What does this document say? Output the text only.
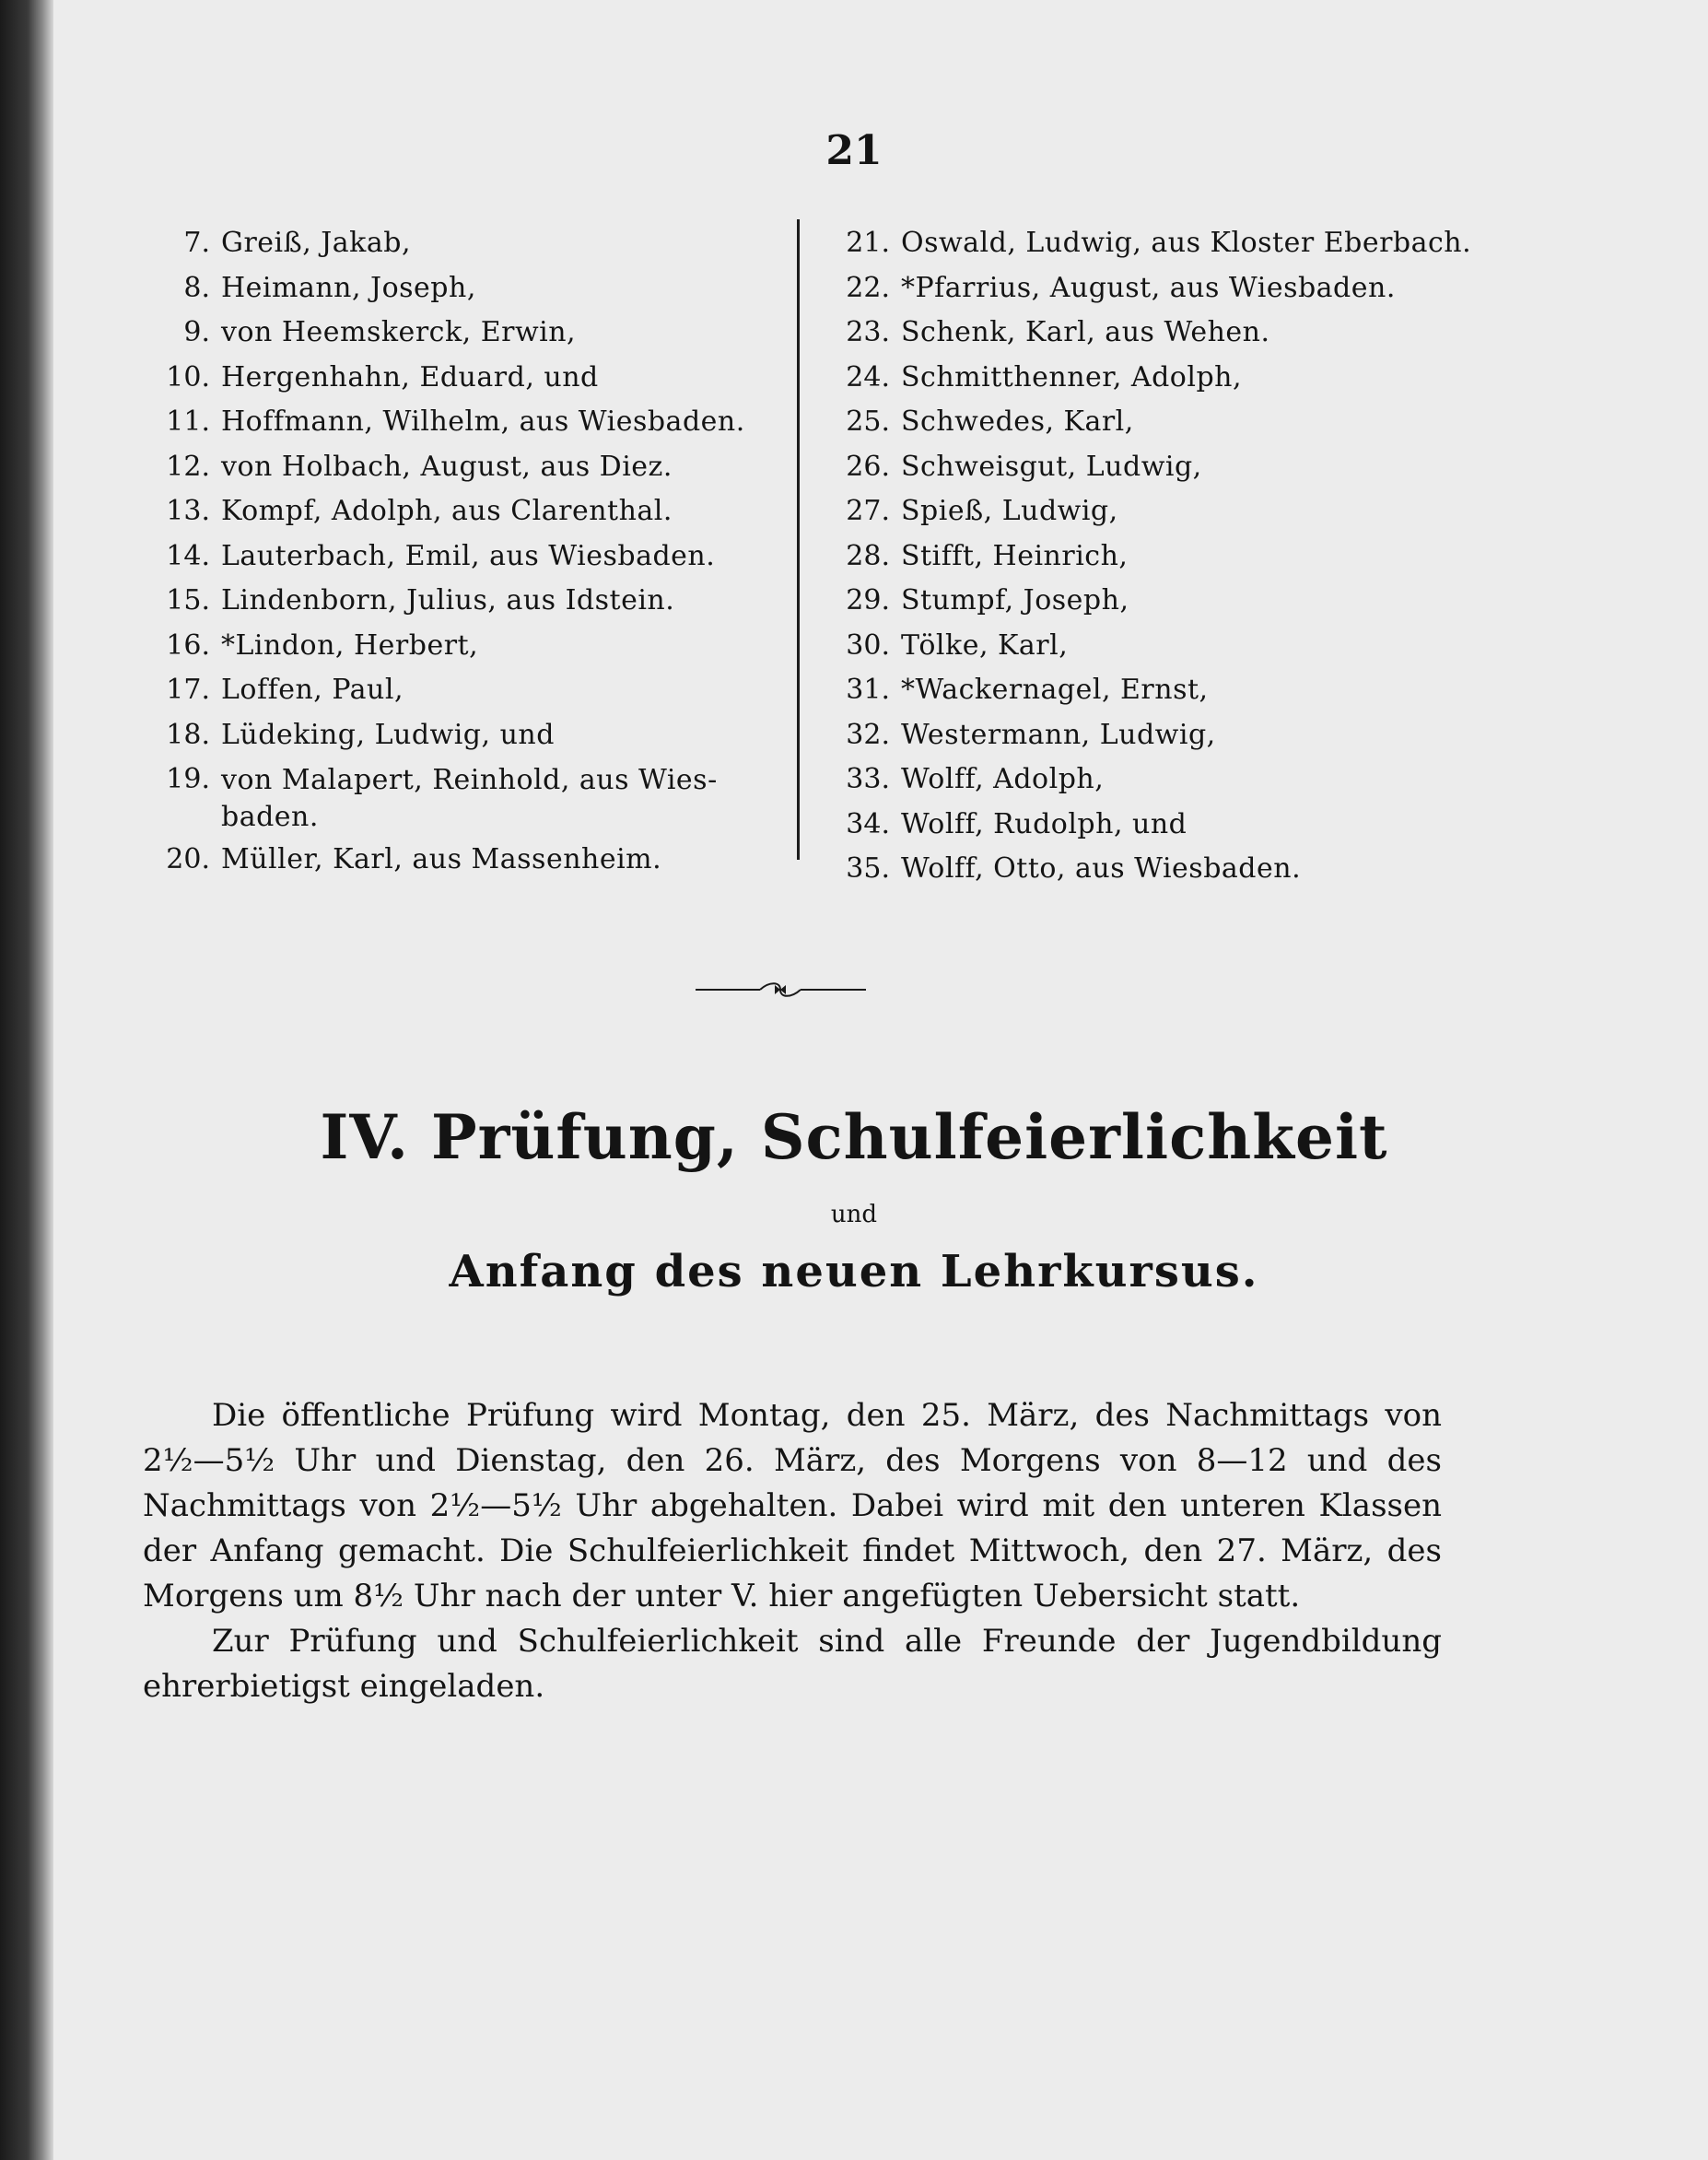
21
7. Greiß, Jakab,
8. Heimann, Joseph,
9. von Heemskerck, Erwin,
10. Hergenhahn, Eduard, und
11. Hoffmann, Wilhelm, aus Wiesbaden.
12. von Holbach, August, aus Diez.
13. Kompf, Adolph, aus Clarenthal.
14. Lauterbach, Emil, aus Wiesbaden.
15. Lindenborn, Julius, aus Idstein.
16. *Lindon, Herbert,
17. Loffen, Paul,
18. Lüdeking, Ludwig, und
19. von Malapert, Reinhold, aus Wies-baden.
20. Müller, Karl, aus Massenheim.
21. Oswald, Ludwig, aus Kloster Eberbach.
22. *Pfarrius, August, aus Wiesbaden.
23. Schenk, Karl, aus Wehen.
24. Schmitthenner, Adolph,
25. Schwedes, Karl,
26. Schweisgut, Ludwig,
27. Spieß, Ludwig,
28. Stifft, Heinrich,
29. Stumpf, Joseph,
30. Tölke, Karl,
31. *Wackernagel, Ernst,
32. Westermann, Ludwig,
33. Wolff, Adolph,
34. Wolff, Rudolph, und
35. Wolff, Otto, aus Wiesbaden.
IV. Prüfung, Schulfeierlichkeit
und
Anfang des neuen Lehrkursus.

Die öffentliche Prüfung wird Montag, den 25. März, des Nachmittags von 2½—5½ Uhr und Dienstag, den 26. März, des Morgens von 8—12 und des Nachmittags von 2½—5½ Uhr abgehalten. Dabei wird mit den unteren Klassen der Anfang gemacht. Die Schulfeierlichkeit findet Mittwoch, den 27. März, des Morgens um 8½ Uhr nach der unter V. hier angefügten Uebersicht statt.

Zur Prüfung und Schulfeierlichkeit sind alle Freunde der Jugendbildung ehrerbietigst eingeladen.
